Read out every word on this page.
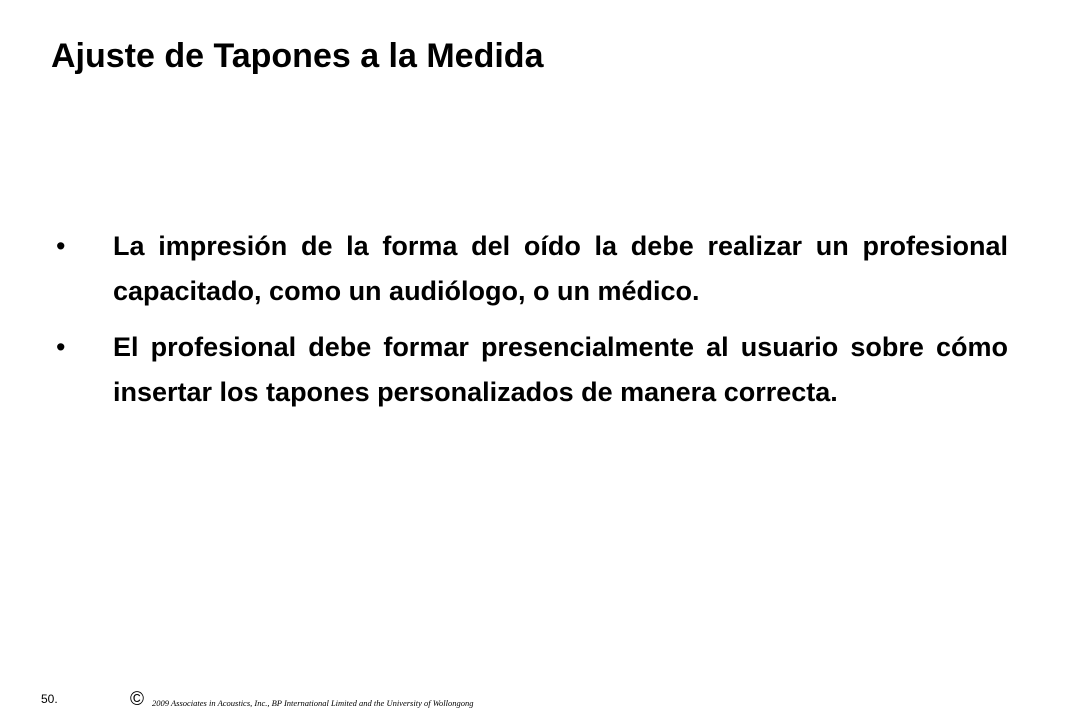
Ajuste de Tapones a la Medida
•	La impresión de la forma del oído la debe realizar un profesional capacitado, como un audiólogo, o un médico.
•	El profesional debe formar presencialmente al usuario sobre cómo insertar los tapones personalizados de manera correcta.
50.	© 2009 Associates in Acoustics, Inc., BP International Limited and the University of Wollongong
